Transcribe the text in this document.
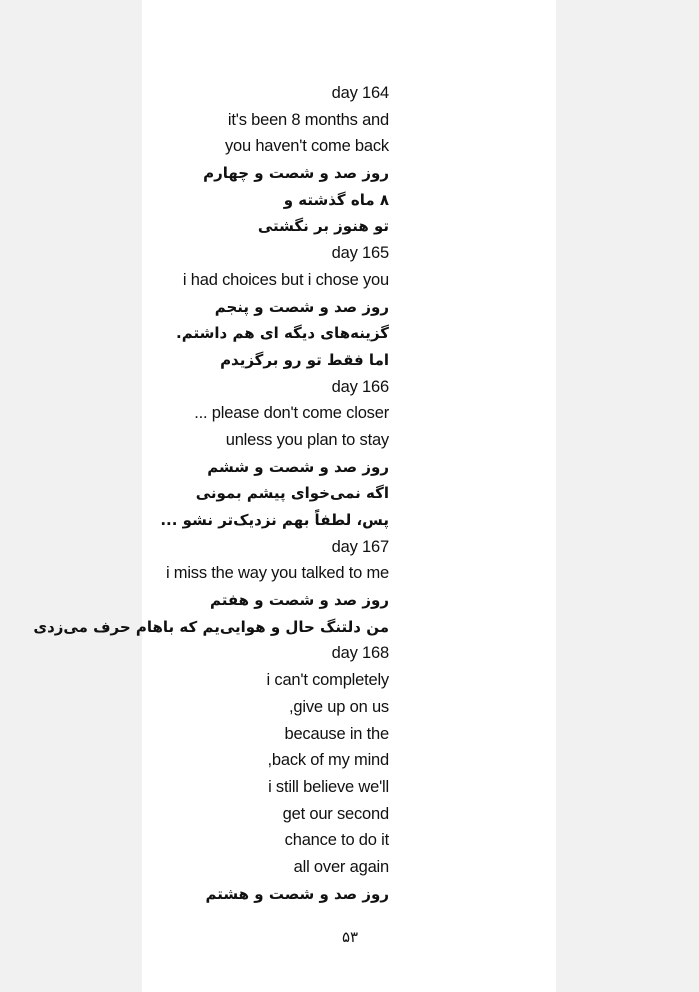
day 164
it's been 8 months and
you haven't come back
روز صد و شصت و چهارم
۸ ماه گذشته و
تو هنوز بر نگشتی
day 165
i had choices but i chose you
روز صد و شصت و پنجم
گزینه‌های دیگه ای هم داشتم.
اما فقط تو رو برگزیدم
day 166
... please don't come closer
unless you plan to stay
روز صد و شصت و ششم
اگه نمی‌خوای پیشم بمونی
پس، لطفاً بهم نزدیک‌تر نشو ...
day 167
i miss the way you talked to me
روز صد و شصت و هفتم
من دلتنگ حال و هوایی‌یم که باهام حرف می‌زدی
day 168
i can't completely
,give up on us
because in the
,back of my mind
i still believe we'll
get our second
chance to do it
all over again
روز صد و شصت و هشتم
۵۳
